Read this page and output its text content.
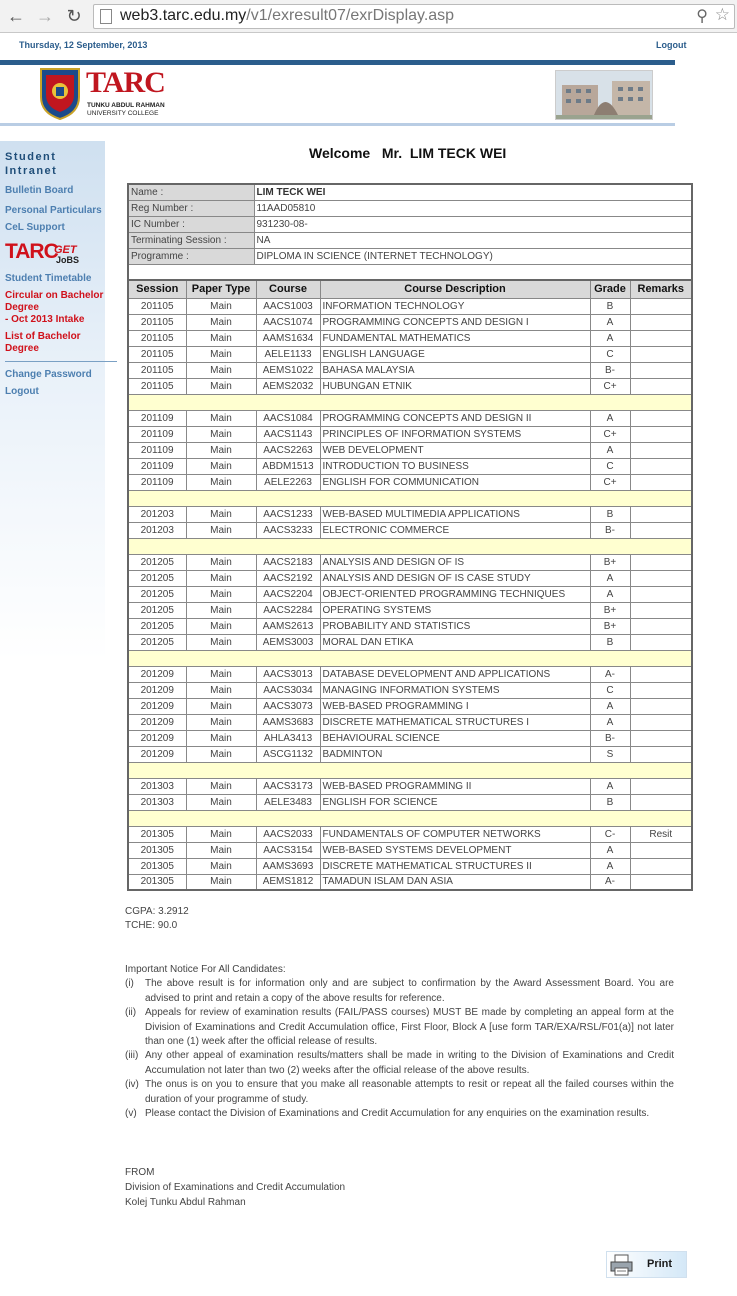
← → ↻ web3.tarc.edu.my/v1/exresult07/exrDisplay.asp	⚲ ☆
Thursday, 12 September, 2013	Logout
TARC
TUNKU ABDUL RAHMAN
UNIVERSITY COLLEGE
Student
Intranet
Bulletin Board
Personal Particulars
CeL Support
TARC
GET
JoBS
Student Timetable
Circular on Bachelor
Degree
- Oct 2013 Intake
List of Bachelor
Degree
Change Password
Logout
Welcome   Mr.  LIM TECK WEI
Name :	LIM TECK WEI
Reg Number :	11AAD05810
IC Number :	931230-08-
Terminating Session :	NA
Programme :	DIPLOMA IN SCIENCE (INTERNET TECHNOLOGY)

Session	Paper Type	Course	Course Description	Grade	Remarks
201105	Main	AACS1003	INFORMATION TECHNOLOGY	B	
201105	Main	AACS1074	PROGRAMMING CONCEPTS AND DESIGN I	A	
201105	Main	AAMS1634	FUNDAMENTAL MATHEMATICS	A	
201105	Main	AELE1133	ENGLISH LANGUAGE	C	
201105	Main	AEMS1022	BAHASA MALAYSIA	B-	
201105	Main	AEMS2032	HUBUNGAN ETNIK	C+	

201109	Main	AACS1084	PROGRAMMING CONCEPTS AND DESIGN II	A	
201109	Main	AACS1143	PRINCIPLES OF INFORMATION SYSTEMS	C+	
201109	Main	AACS2263	WEB DEVELOPMENT	A	
201109	Main	ABDM1513	INTRODUCTION TO BUSINESS	C	
201109	Main	AELE2263	ENGLISH FOR COMMUNICATION	C+	

201203	Main	AACS1233	WEB-BASED MULTIMEDIA APPLICATIONS	B	
201203	Main	AACS3233	ELECTRONIC COMMERCE	B-	

201205	Main	AACS2183	ANALYSIS AND DESIGN OF IS	B+	
201205	Main	AACS2192	ANALYSIS AND DESIGN OF IS CASE STUDY	A	
201205	Main	AACS2204	OBJECT-ORIENTED PROGRAMMING TECHNIQUES	A	
201205	Main	AACS2284	OPERATING SYSTEMS	B+	
201205	Main	AAMS2613	PROBABILITY AND STATISTICS	B+	
201205	Main	AEMS3003	MORAL DAN ETIKA	B	

201209	Main	AACS3013	DATABASE DEVELOPMENT AND APPLICATIONS	A-	
201209	Main	AACS3034	MANAGING INFORMATION SYSTEMS	C	
201209	Main	AACS3073	WEB-BASED PROGRAMMING I	A	
201209	Main	AAMS3683	DISCRETE MATHEMATICAL STRUCTURES I	A	
201209	Main	AHLA3413	BEHAVIOURAL SCIENCE	B-	
201209	Main	ASCG1132	BADMINTON	S	

201303	Main	AACS3173	WEB-BASED PROGRAMMING II	A	
201303	Main	AELE3483	ENGLISH FOR SCIENCE	B	

201305	Main	AACS2033	FUNDAMENTALS OF COMPUTER NETWORKS	C-	Resit
201305	Main	AACS3154	WEB-BASED SYSTEMS DEVELOPMENT	A	
201305	Main	AAMS3693	DISCRETE MATHEMATICAL STRUCTURES II	A	
201305	Main	AEMS1812	TAMADUN ISLAM DAN ASIA	A-	
CGPA: 3.2912
TCHE: 90.0
Important Notice For All Candidates:
(i) The above result is for information only and are subject to confirmation by the Award Assessment Board. You are advised to print and retain a copy of the above results for reference.
(ii) Appeals for review of examination results (FAIL/PASS courses) MUST BE made by completing an appeal form at the Division of Examinations and Credit Accumulation office, First Floor, Block A [use form TAR/EXA/RSL/F01(a)] not later than one (1) week after the official release of results.
(iii) Any other appeal of examination results/matters shall be made in writing to the Division of Examinations and Credit Accumulation not later than two (2) weeks after the official release of the above results.
(iv) The onus is on you to ensure that you make all reasonable attempts to resit or repeat all the failed courses within the duration of your programme of study.
(v) Please contact the Division of Examinations and Credit Accumulation for any enquiries on the examination results.
FROM
Division of Examinations and Credit Accumulation
Kolej Tunku Abdul Rahman
Print
